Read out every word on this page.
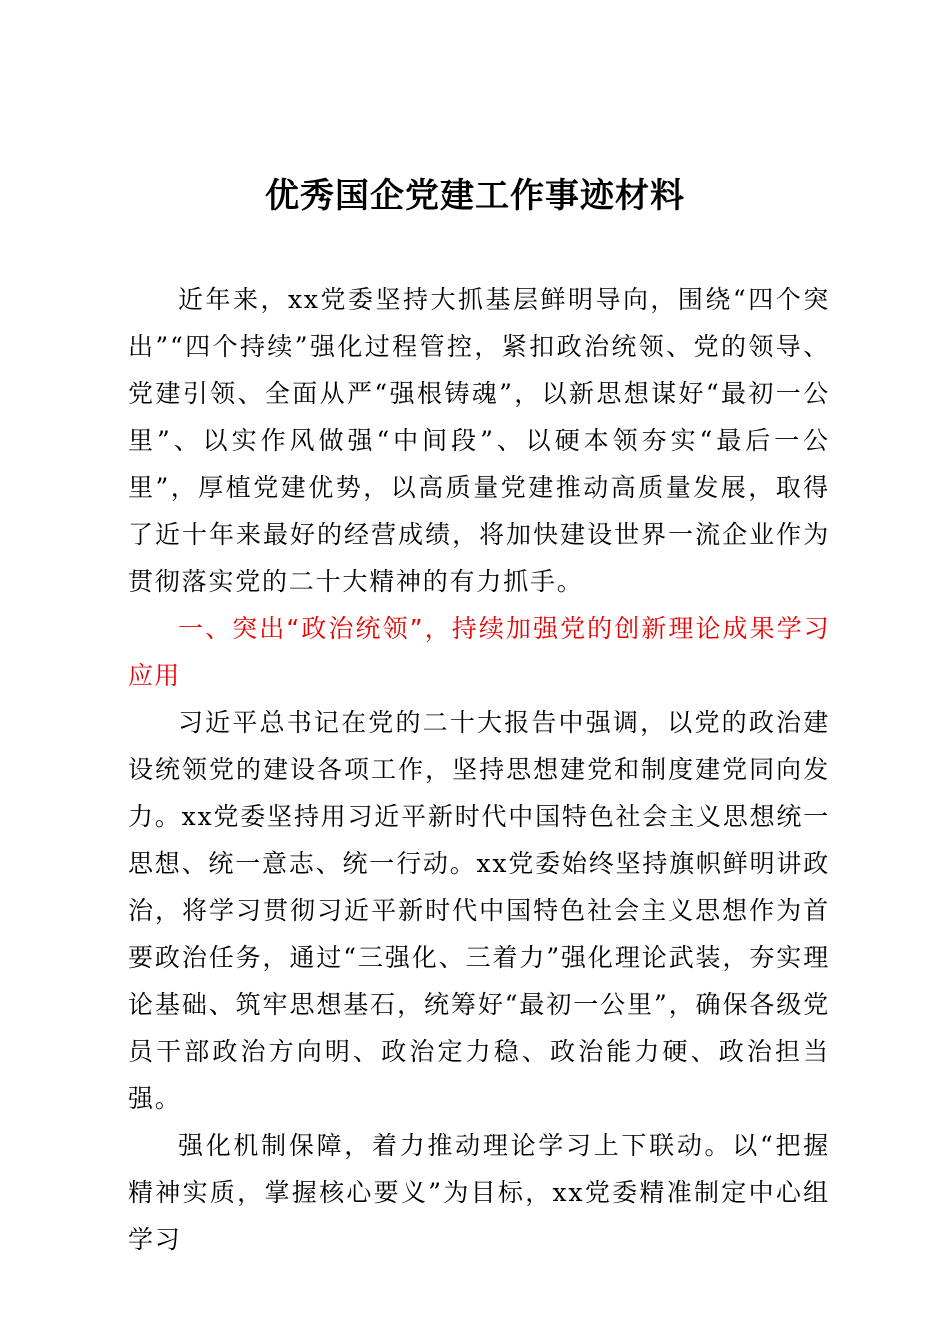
优秀国企党建工作事迹材料

近年来，xx党委坚持大抓基层鲜明导向，围绕“四个突出”“四个持续”强化过程管控，紧扣政治统领、党的领导、党建引领、全面从严“强根铸魂”，以新思想谋好“最初一公里”、以实作风做强“中间段”、以硬本领夯实“最后一公里”，厚植党建优势，以高质量党建推动高质量发展，取得了近十年来最好的经营成绩，将加快建设世界一流企业作为贯彻落实党的二十大精神的有力抓手。

一、突出“政治统领”，持续加强党的创新理论成果学习应用

习近平总书记在党的二十大报告中强调，以党的政治建设统领党的建设各项工作，坚持思想建党和制度建党同向发力。xx党委坚持用习近平新时代中国特色社会主义思想统一思想、统一意志、统一行动。xx党委始终坚持旗帜鲜明讲政治，将学习贯彻习近平新时代中国特色社会主义思想作为首要政治任务，通过“三强化、三着力”强化理论武装，夯实理论基础、筑牢思想基石，统筹好“最初一公里”，确保各级党员干部政治方向明、政治定力稳、政治能力硬、政治担当强。

强化机制保障，着力推动理论学习上下联动。以“把握精神实质，掌握核心要义”为目标，xx党委精准制定中心组学习
